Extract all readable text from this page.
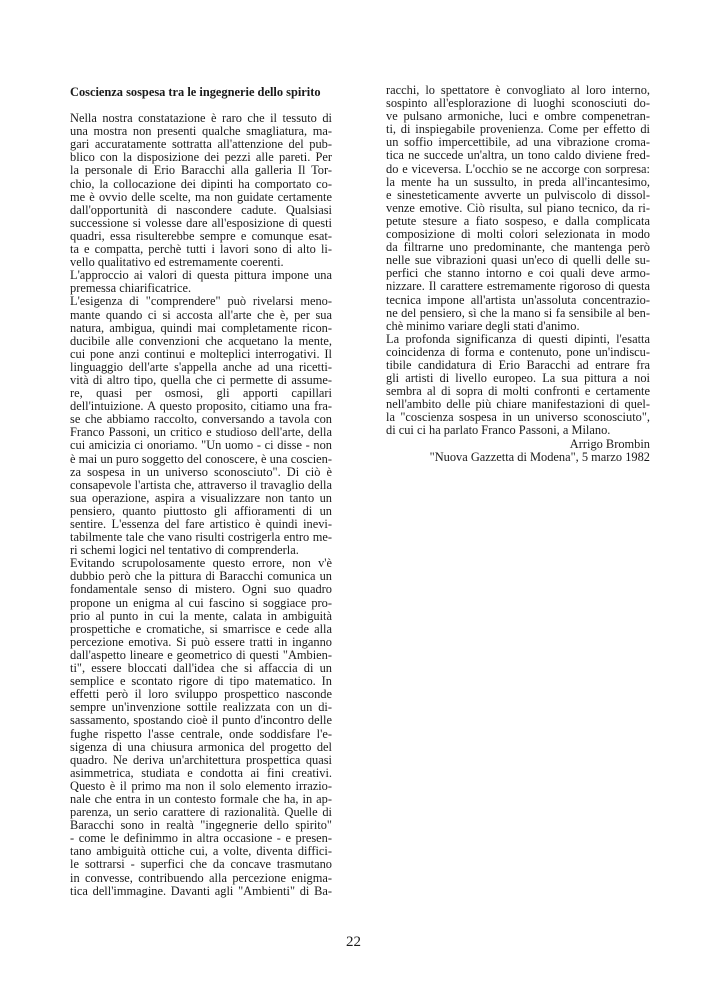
Coscienza sospesa tra le ingegnerie dello spirito
Nella nostra constatazione è raro che il tessuto di
una mostra non presenti qualche smagliatura, ma-
gari accuratamente sottratta all'attenzione del pub-
blico con la disposizione dei pezzi alle pareti. Per
la personale di Erio Baracchi alla galleria Il Tor-
chio, la collocazione dei dipinti ha comportato co-
me è ovvio delle scelte, ma non guidate certamente
dall'opportunità di nascondere cadute. Qualsiasi
successione si volesse dare all'esposizione di questi
quadri, essa risulterebbe sempre e comunque esat-
ta e compatta, perchè tutti i lavori sono di alto li-
vello qualitativo ed estremamente coerenti.
L'approccio ai valori di questa pittura impone una
premessa chiarificatrice.
L'esigenza di "comprendere" può rivelarsi meno-
mante quando ci si accosta all'arte che è, per sua
natura, ambigua, quindi mai completamente ricon-
ducibile alle convenzioni che acquetano la mente,
cui pone anzi continui e molteplici interrogativi. Il
linguaggio dell'arte s'appella anche ad una ricetti-
vità di altro tipo, quella che ci permette di assume-
re, quasi per osmosi, gli apporti capillari
dell'intuizione. A questo proposito, citiamo una fra-
se che abbiamo raccolto, conversando a tavola con
Franco Passoni, un critico e studioso dell'arte, della
cui amicizia ci onoriamo. "Un uomo - ci disse - non
è mai un puro soggetto del conoscere, è una coscien-
za sospesa in un universo sconosciuto". Di ciò è
consapevole l'artista che, attraverso il travaglio della
sua operazione, aspira a visualizzare non tanto un
pensiero, quanto piuttosto gli affioramenti di un
sentire. L'essenza del fare artistico è quindi inevi-
tabilmente tale che vano risulti costrigerla entro me-
ri schemi logici nel tentativo di comprenderla.
Evitando scrupolosamente questo errore, non v'è
dubbio però che la pittura di Baracchi comunica un
fondamentale senso di mistero. Ogni suo quadro
propone un enigma al cui fascino si soggiace pro-
prio al punto in cui la mente, calata in ambiguità
prospettiche e cromatiche, si smarrisce e cede alla
percezione emotiva. Si può essere tratti in inganno
dall'aspetto lineare e geometrico di questi "Ambien-
ti", essere bloccati dall'idea che si affaccia di un
semplice e scontato rigore di tipo matematico. In
effetti però il loro sviluppo prospettico nasconde
sempre un'invenzione sottile realizzata con un di-
sassamento, spostando cioè il punto d'incontro delle
fughe rispetto l'asse centrale, onde soddisfare l'e-
sigenza di una chiusura armonica del progetto del
quadro. Ne deriva un'architettura prospettica quasi
asimmetrica, studiata e condotta ai fini creativi.
Questo è il primo ma non il solo elemento irrazio-
nale che entra in un contesto formale che ha, in ap-
parenza, un serio carattere di razionalità. Quelle di
Baracchi sono in realtà "ingegnerie dello spirito"
- come le definimmo in altra occasione - e presen-
tano ambiguità ottiche cui, a volte, diventa diffici-
le sottrarsi - superfici che da concave trasmutano
in convesse, contribuendo alla percezione enigma-
tica dell'immagine. Davanti agli "Ambienti" di Ba-
racchi, lo spettatore è convogliato al loro interno,
sospinto all'esplorazione di luoghi sconosciuti do-
ve pulsano armoniche, luci e ombre compenetran-
ti, di inspiegabile provenienza. Come per effetto di
un soffio impercettibile, ad una vibrazione croma-
tica ne succede un'altra, un tono caldo diviene fred-
do e viceversa. L'occhio se ne accorge con sorpresa:
la mente ha un sussulto, in preda all'incantesimo,
e sinesteticamente avverte un pulviscolo di dissol-
venze emotive. Ciò risulta, sul piano tecnico, da ri-
petute stesure a fiato sospeso, e dalla complicata
composizione di molti colori selezionata in modo
da filtrarne uno predominante, che mantenga però
nelle sue vibrazioni quasi un'eco di quelli delle su-
perfici che stanno intorno e coi quali deve armo-
nizzare. Il carattere estremamente rigoroso di questa
tecnica impone all'artista un'assoluta concentrazio-
ne del pensiero, sì che la mano si fa sensibile al ben-
chè minimo variare degli stati d'animo.
La profonda significanza di questi dipinti, l'esatta
coincidenza di forma e contenuto, pone un'indiscu-
tibile candidatura di Erio Baracchi ad entrare fra
gli artisti di livello europeo. La sua pittura a noi
sembra al di sopra di molti confronti e certamente
nell'ambito delle più chiare manifestazioni di quel-
la "coscienza sospesa in un universo sconosciuto",
di cui ci ha parlato Franco Passoni, a Milano.
Arrigo Brombin
"Nuova Gazzetta di Modena", 5 marzo 1982
22
